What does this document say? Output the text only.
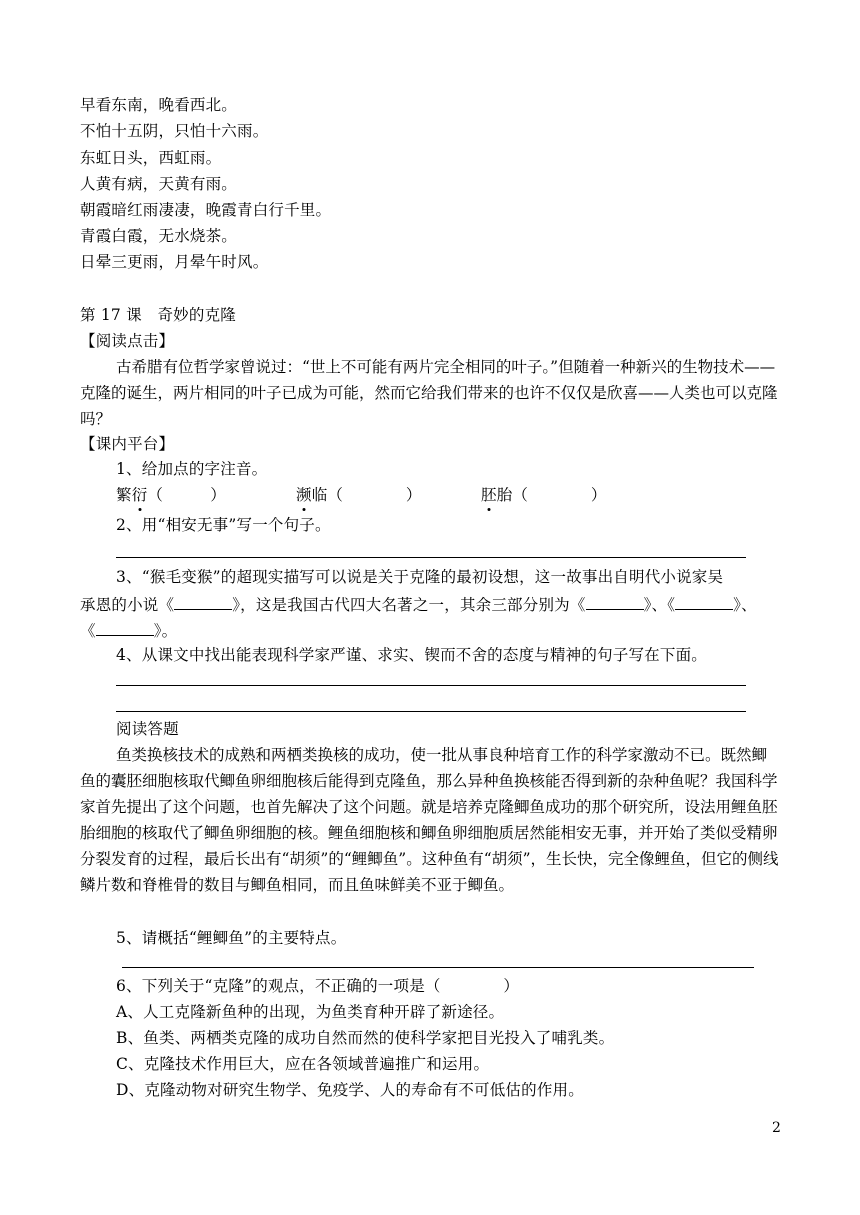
早看东南，晚看西北。
不怕十五阴，只怕十六雨。
东虹日头，西虹雨。
人黄有病，天黄有雨。
朝霞暗红雨凄凄，晚霞青白行千里。
青霞白霞，无水烧茶。
日晕三更雨，月晕午时风。
第 17 课　奇妙的克隆
【阅读点击】
古希腊有位哲学家曾说过：“世上不可能有两片完全相同的叶子。”但随着一种新兴的生物技术——克隆的诞生，两片相同的叶子已成为可能，然而它给我们带来的也许不仅仅是欣喜——人类也可以克隆吗？
【课内平台】
1、给加点的字注音。
繁衍（　　　）	濒临（　　　　）	胚胎（　　　　）
2、用“相安无事”写一个句子。
3、“猴毛变猴”的超现实描写可以说是关于克隆的最初设想，这一故事出自明代小说家吴
承恩的小说《	》，这是我国古代四大名著之一，其余三部分别为《	》、《	》、
《	》。
4、从课文中找出能表现科学家严谨、求实、锲而不舍的态度与精神的句子写在下面。
阅读答题
鱼类换核技术的成熟和两栖类换核的成功，使一批从事良种培育工作的科学家激动不已。既然鲫鱼的囊胚细胞核取代鲫鱼卵细胞核后能得到克隆鱼，那么异种鱼换核能否得到新的杂种鱼呢？我国科学家首先提出了这个问题，也首先解决了这个问题。就是培养克隆鲫鱼成功的那个研究所，设法用鲤鱼胚胎细胞的核取代了鲫鱼卵细胞的核。鲤鱼细胞核和鲫鱼卵细胞质居然能相安无事，并开始了类似受精卵分裂发育的过程，最后长出有“胡须”的“鲤鲫鱼”。这种鱼有“胡须”，生长快，完全像鲤鱼，但它的侧线鳞片数和脊椎骨的数目与鲫鱼相同，而且鱼味鲜美不亚于鲫鱼。
5、请概括“鲤鲫鱼”的主要特点。
6、下列关于“克隆”的观点，不正确的一项是（　　　　）
A、人工克隆新鱼种的出现，为鱼类育种开辟了新途径。
B、鱼类、两栖类克隆的成功自然而然的使科学家把目光投入了哺乳类。
C、克隆技术作用巨大，应在各领域普遍推广和运用。
D、克隆动物对研究生物学、免疫学、人的寿命有不可低估的作用。
2
